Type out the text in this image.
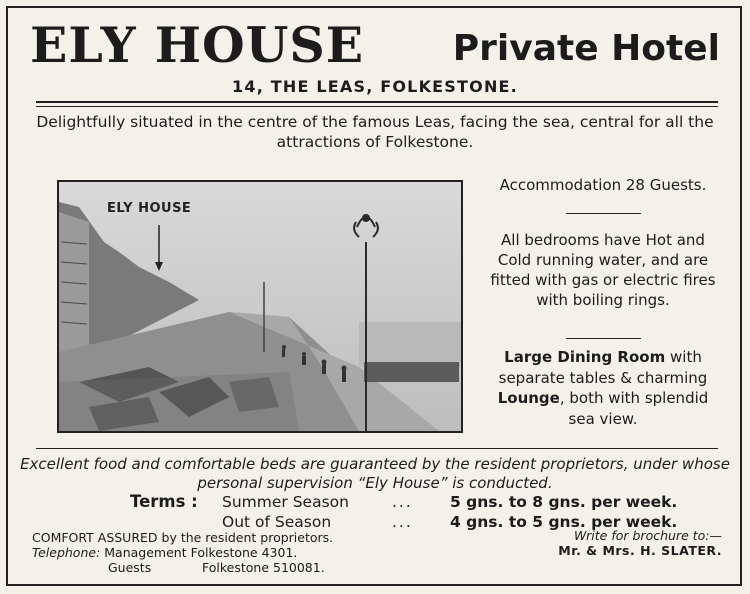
ELY HOUSE Private Hotel
14, THE LEAS, FOLKESTONE.
Delightfully situated in the centre of the famous Leas, facing the sea, central for all the attractions of Folkestone.
ELY HOUSE
Accommodation 28 Guests.
All bedrooms have Hot and Cold running water, and are fitted with gas or electric fires with boiling rings.
Large Dining Room with separate tables & charming Lounge, both with splendid sea view.
Excellent food and comfortable beds are guaranteed by the resident proprietors, under whose personal supervision “Ely House” is conducted.
Terms : Summer Season	... 5 gns. to 8 gns. per week.
Out of Season	... 4 gns. to 5 gns. per week.
COMFORT ASSURED by the resident proprietors.
Telephone: Management Folkestone 4301.
Guests	Folkestone 510081.
Write for brochure to:—
Mr. & Mrs. H. SLATER.
